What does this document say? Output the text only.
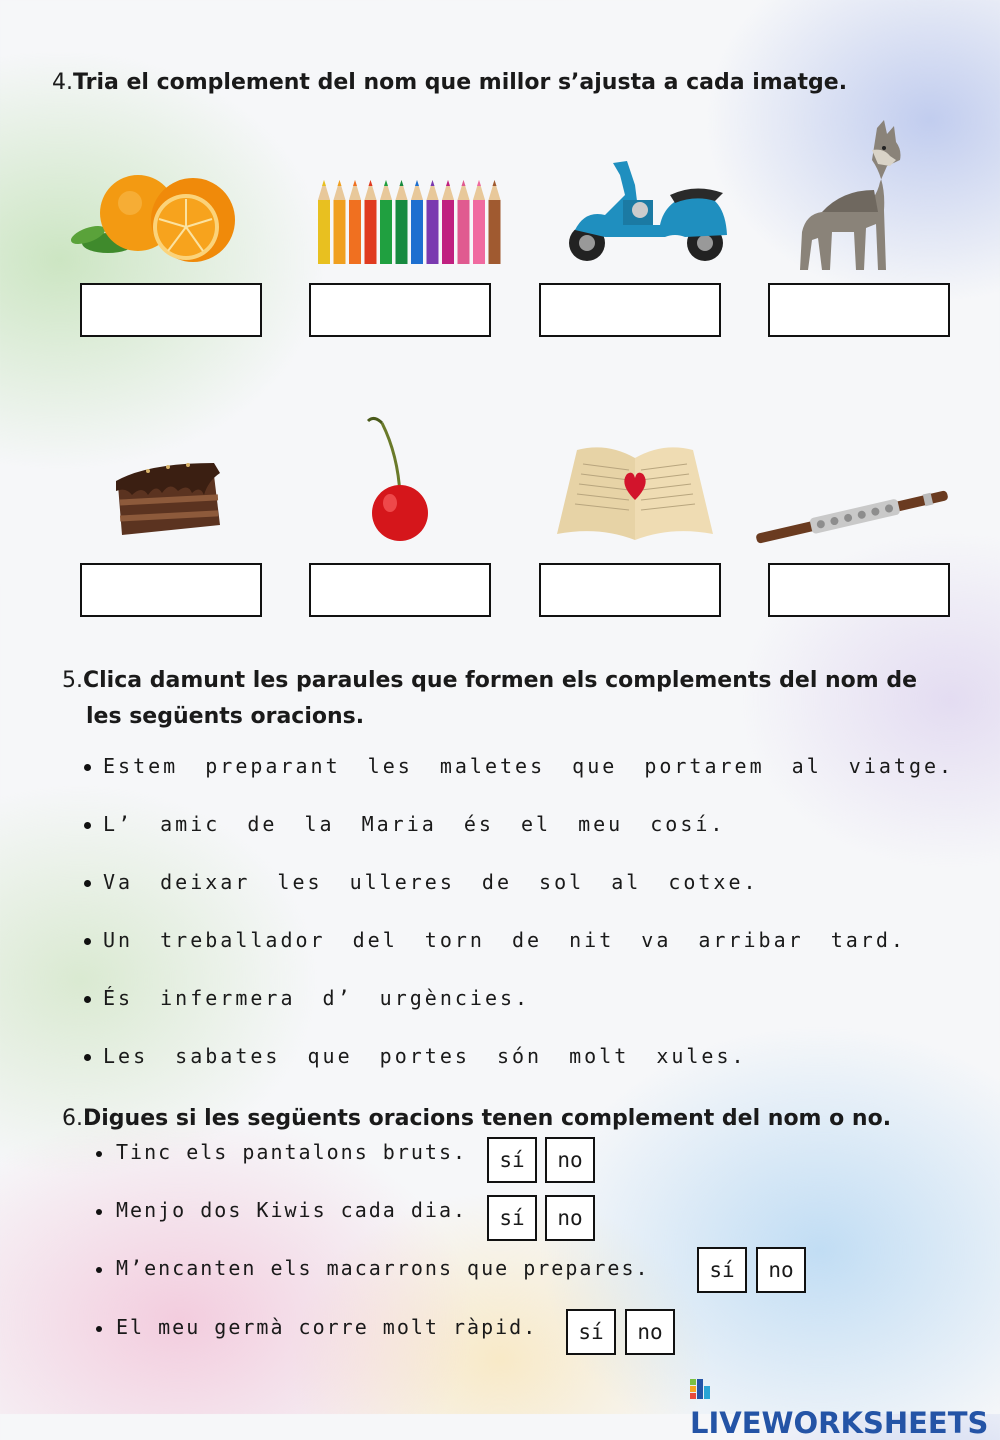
4.Tria el complement del nom que millor s’ajusta a cada imatge.
5.Clica damunt les paraules que formen els complements del nom de
les següents oracions.
Estem preparant les maletes que portarem al viatge.
L’ amic de la Maria és el meu cosí.
Va deixar les ulleres de sol al cotxe.
Un treballador del torn de nit va arribar tard.
És infermera d’ urgències.
Les sabates que portes són molt xules.
6.Digues si les següents oracions tenen complement del nom o no.
Tinc els pantalons bruts.	sí	no
Menjo dos Kiwis cada dia.	sí	no
M’encanten els macarrons que prepares.	sí	no
El meu germà corre molt ràpid.	sí	no
LIVEWORKSHEETS
